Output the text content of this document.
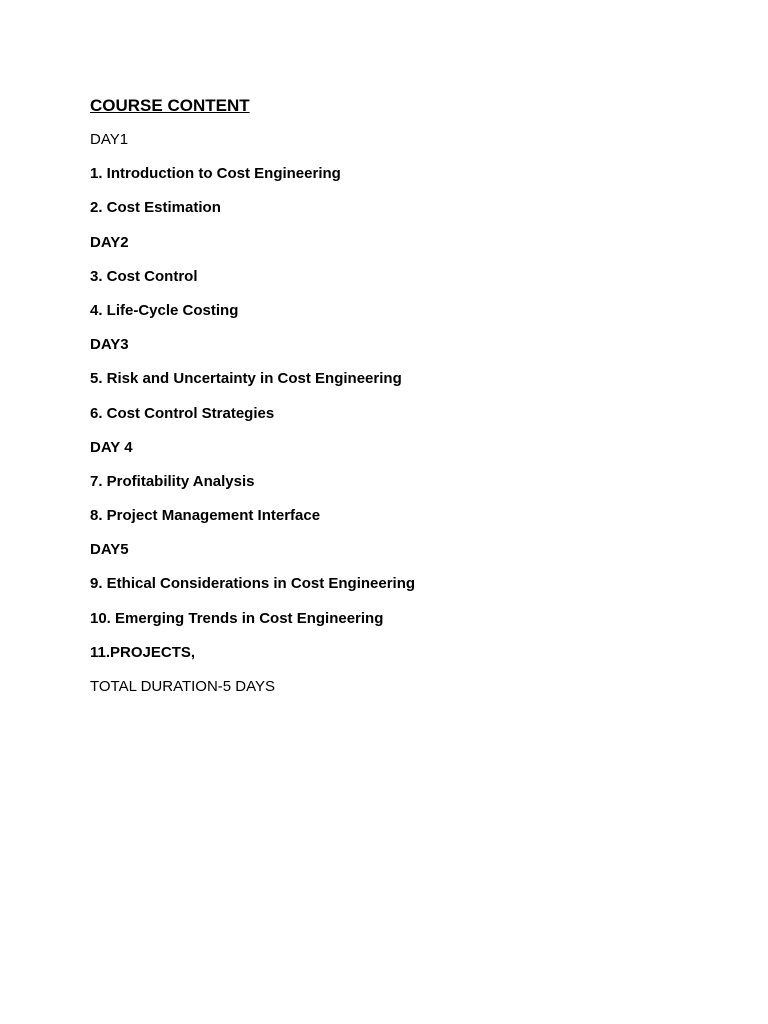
COURSE CONTENT
DAY1
1. Introduction to Cost Engineering
2. Cost Estimation
DAY2
3. Cost Control
4. Life-Cycle Costing
DAY3
5. Risk and Uncertainty in Cost Engineering
6. Cost Control Strategies
DAY 4
7. Profitability Analysis
8. Project Management Interface
DAY5
9. Ethical Considerations in Cost Engineering
10. Emerging Trends in Cost Engineering
11.PROJECTS,
TOTAL DURATION-5 DAYS
